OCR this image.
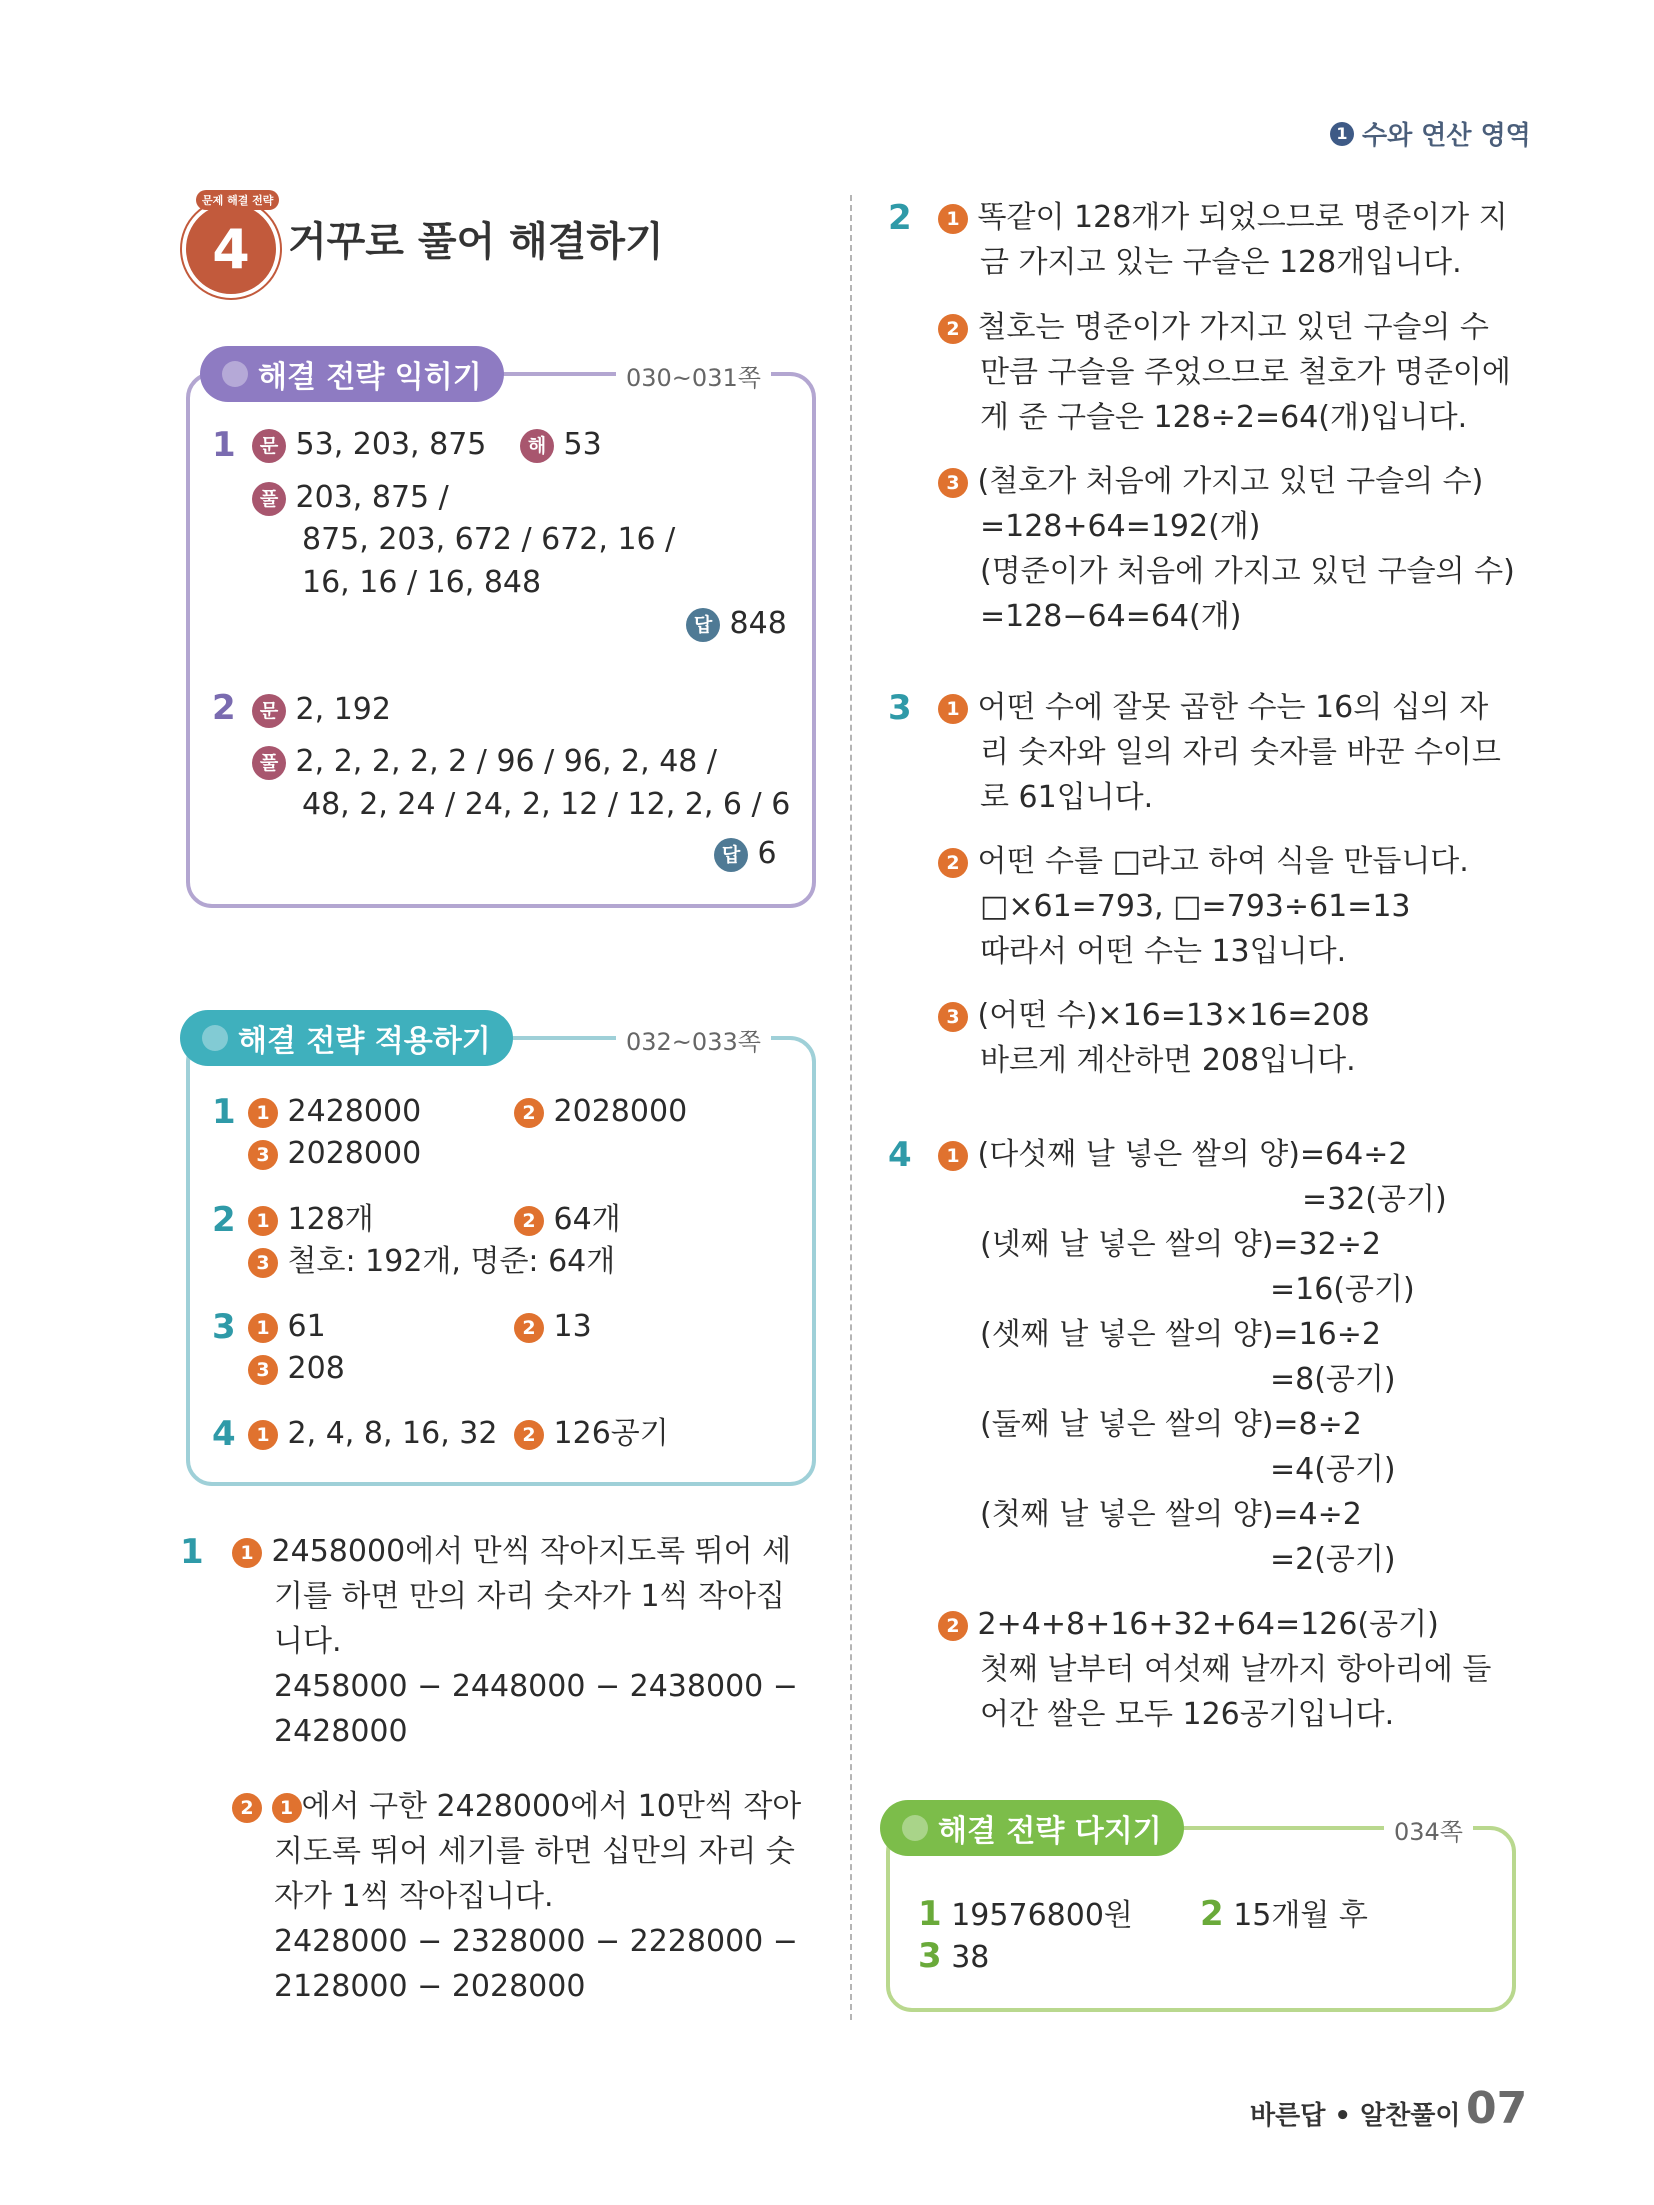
1 수와 연산 영역
문제 해결 전략
4 거꾸로 풀어 해결하기
해결 전략 익히기	030~031쪽
1	문 53, 203, 875	해 53
풀 203, 875 /
875, 203, 672 / 672, 16 /
16, 16 / 16, 848
답 848
2	문 2, 192
풀 2, 2, 2, 2, 2 / 96 / 96, 2, 48 /
48, 2, 24 / 24, 2, 12 / 12, 2, 6 / 6
답 6
해결 전략 적용하기	032~033쪽
1	1 2428000	2 2028000
3 2028000
2	1 128개	2 64개
3 철호: 192개, 명준: 64개
3	1 61	2 13
3 208
4	1 2, 4, 8, 16, 32	2 126공기
1	1 2458000에서 만씩 작아지도록 뛰어 세
기를 하면 만의 자리 숫자가 1씩 작아집
니다.
2458000 − 2448000 − 2438000 −
2428000
2 1 에서 구한 2428000에서 10만씩 작아
지도록 뛰어 세기를 하면 십만의 자리 숫
자가 1씩 작아집니다.
2428000 − 2328000 − 2228000 −
2128000 − 2028000
2	1 똑같이 128개가 되었으므로 명준이가 지
금 가지고 있는 구슬은 128개입니다.
2 철호는 명준이가 가지고 있던 구슬의 수
만큼 구슬을 주었으므로 철호가 명준이에
게 준 구슬은 128÷2=64(개)입니다.
3 (철호가 처음에 가지고 있던 구슬의 수)
=128+64=192(개)
(명준이가 처음에 가지고 있던 구슬의 수)
=128−64=64(개)
3	1 어떤 수에 잘못 곱한 수는 16의 십의 자
리 숫자와 일의 자리 숫자를 바꾼 수이므
로 61입니다.
2 어떤 수를 □라고 하여 식을 만듭니다.
□×61=793, □=793÷61=13
따라서 어떤 수는 13입니다.
3 (어떤 수)×16=13×16=208
바르게 계산하면 208입니다.
4	1 (다섯째 날 넣은 쌀의 양)=64÷2
=32(공기)
(넷째 날 넣은 쌀의 양)=32÷2
=16(공기)
(셋째 날 넣은 쌀의 양)=16÷2
=8(공기)
(둘째 날 넣은 쌀의 양)=8÷2
=4(공기)
(첫째 날 넣은 쌀의 양)=4÷2
=2(공기)
2 2+4+8+16+32+64=126(공기)
첫째 날부터 여섯째 날까지 항아리에 들
어간 쌀은 모두 126공기입니다.
해결 전략 다지기	034쪽
1 19576800원 2 15개월 후
3 38
바른답 • 알찬풀이 07
